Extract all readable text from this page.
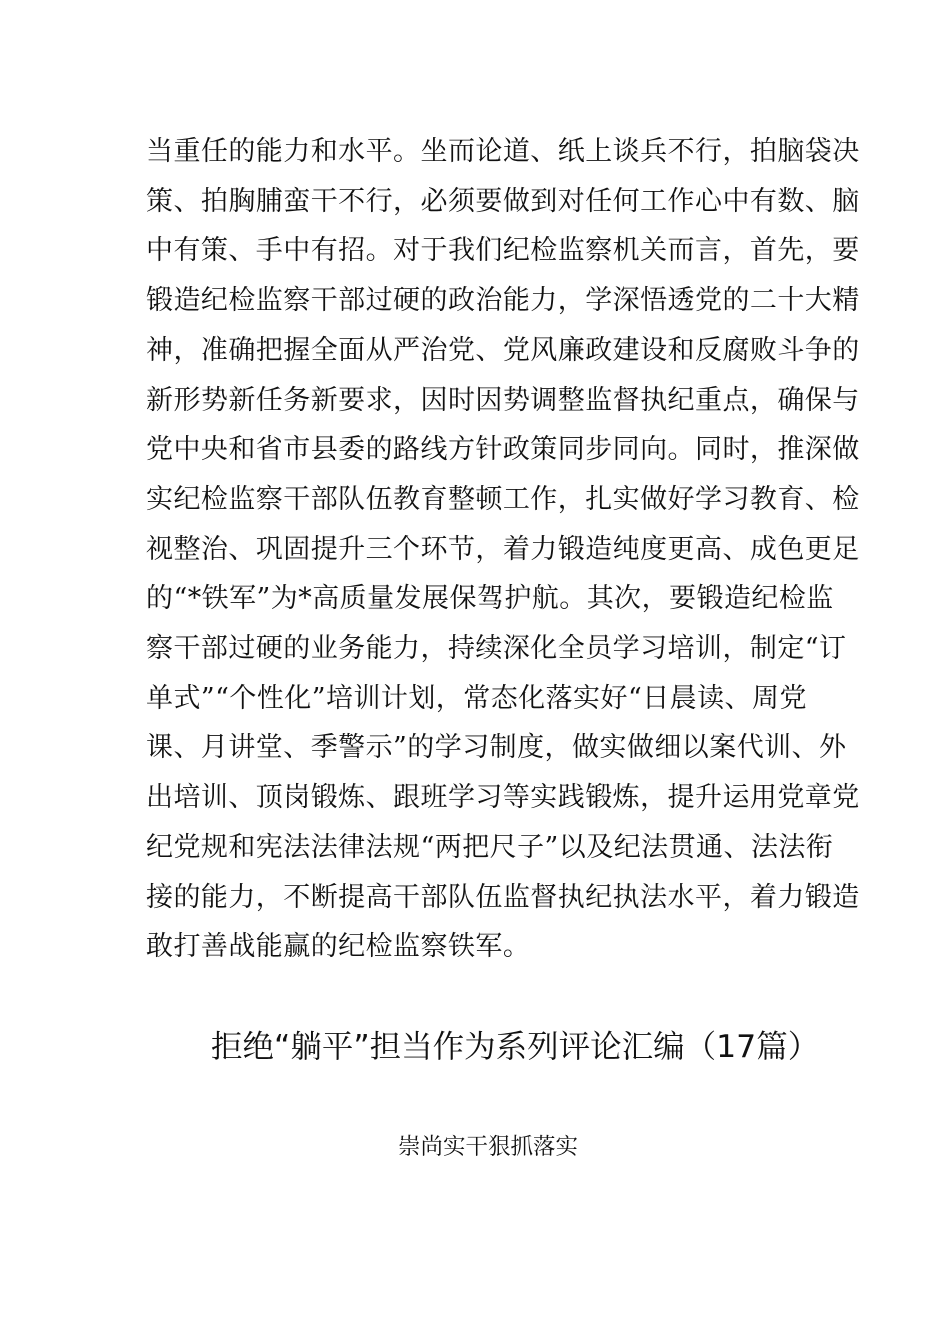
当重任的能力和水平。坐而论道、纸上谈兵不行，拍脑袋决
策、拍胸脯蛮干不行，必须要做到对任何工作心中有数、脑
中有策、手中有招。对于我们纪检监察机关而言，首先，要
锻造纪检监察干部过硬的政治能力，学深悟透党的二十大精
神，准确把握全面从严治党、党风廉政建设和反腐败斗争的
新形势新任务新要求，因时因势调整监督执纪重点，确保与
党中央和省市县委的路线方针政策同步同向。同时，推深做
实纪检监察干部队伍教育整顿工作，扎实做好学习教育、检
视整治、巩固提升三个环节，着力锻造纯度更高、成色更足
的“*铁军”为*高质量发展保驾护航。其次，要锻造纪检监
察干部过硬的业务能力，持续深化全员学习培训，制定“订
单式”“个性化”培训计划，常态化落实好“日晨读、周党
课、月讲堂、季警示”的学习制度，做实做细以案代训、外
出培训、顶岗锻炼、跟班学习等实践锻炼，提升运用党章党
纪党规和宪法法律法规“两把尺子”以及纪法贯通、法法衔
接的能力，不断提高干部队伍监督执纪执法水平，着力锻造
敢打善战能赢的纪检监察铁军。

拒绝“躺平”担当作为系列评论汇编（17篇）
崇尚实干狠抓落实
